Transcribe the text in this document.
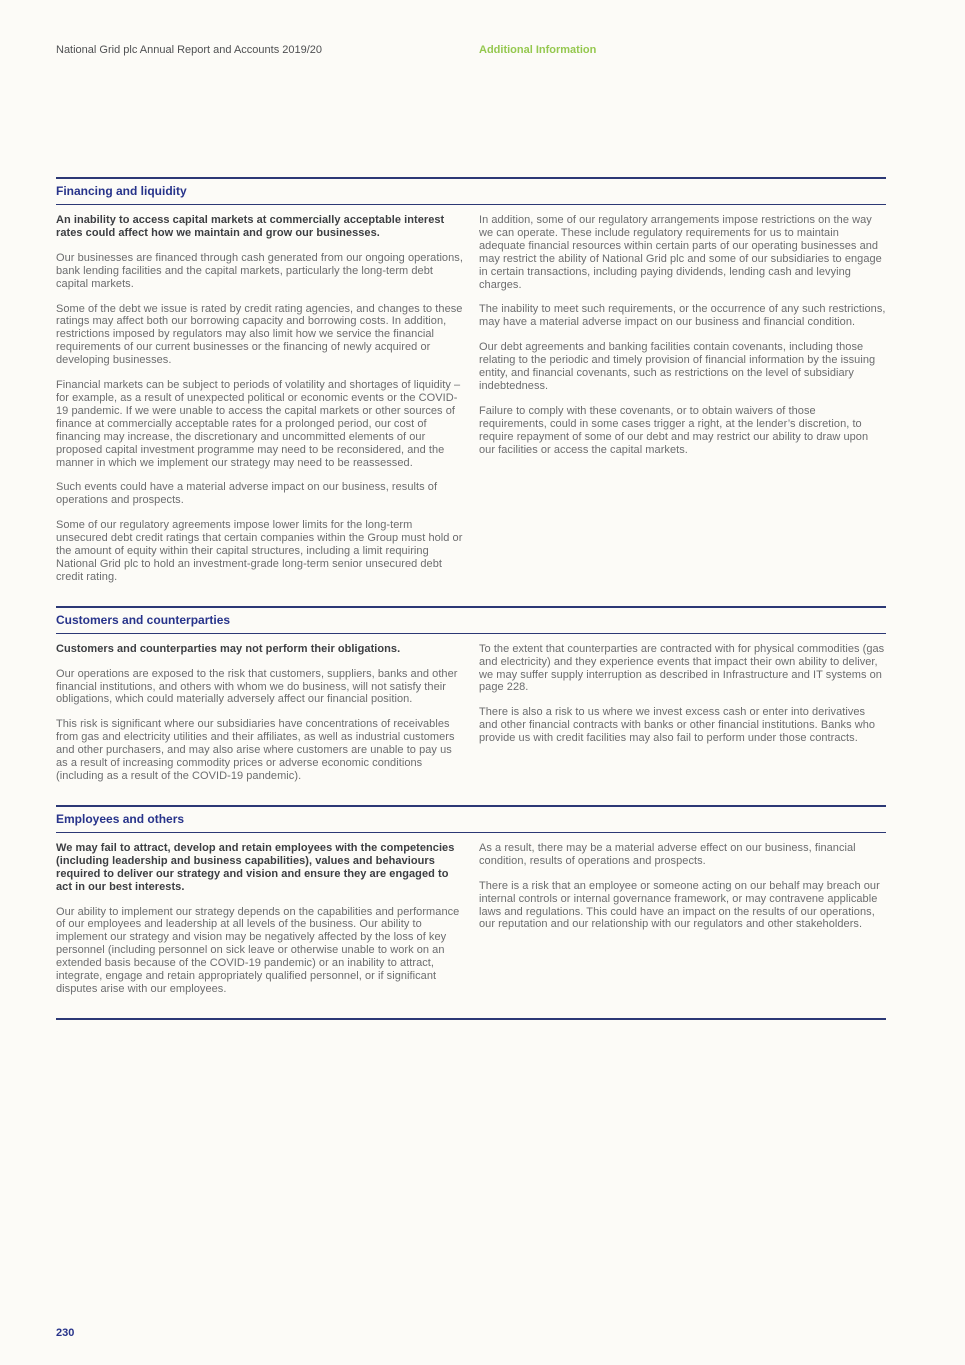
National Grid plc Annual Report and Accounts 2019/20	Additional Information
Financing and liquidity

An inability to access capital markets at commercially acceptable interest rates could affect how we maintain and grow our businesses.

Our businesses are financed through cash generated from our ongoing operations, bank lending facilities and the capital markets, particularly the long-term debt capital markets.

Some of the debt we issue is rated by credit rating agencies, and changes to these ratings may affect both our borrowing capacity and borrowing costs. In addition, restrictions imposed by regulators may also limit how we service the financial requirements of our current businesses or the financing of newly acquired or developing businesses.

Financial markets can be subject to periods of volatility and shortages of liquidity – for example, as a result of unexpected political or economic events or the COVID-19 pandemic. If we were unable to access the capital markets or other sources of finance at commercially acceptable rates for a prolonged period, our cost of financing may increase, the discretionary and uncommitted elements of our proposed capital investment programme may need to be reconsidered, and the manner in which we implement our strategy may need to be reassessed.

Such events could have a material adverse impact on our business, results of operations and prospects.

Some of our regulatory agreements impose lower limits for the long-term unsecured debt credit ratings that certain companies within the Group must hold or the amount of equity within their capital structures, including a limit requiring National Grid plc to hold an investment-grade long-term senior unsecured debt credit rating.

In addition, some of our regulatory arrangements impose restrictions on the way we can operate. These include regulatory requirements for us to maintain adequate financial resources within certain parts of our operating businesses and may restrict the ability of National Grid plc and some of our subsidiaries to engage in certain transactions, including paying dividends, lending cash and levying charges.

The inability to meet such requirements, or the occurrence of any such restrictions, may have a material adverse impact on our business and financial condition.

Our debt agreements and banking facilities contain covenants, including those relating to the periodic and timely provision of financial information by the issuing entity, and financial covenants, such as restrictions on the level of subsidiary indebtedness.

Failure to comply with these covenants, or to obtain waivers of those requirements, could in some cases trigger a right, at the lender’s discretion, to require repayment of some of our debt and may restrict our ability to draw upon our facilities or access the capital markets.

Customers and counterparties

Customers and counterparties may not perform their obligations.

Our operations are exposed to the risk that customers, suppliers, banks and other financial institutions, and others with whom we do business, will not satisfy their obligations, which could materially adversely affect our financial position.

This risk is significant where our subsidiaries have concentrations of receivables from gas and electricity utilities and their affiliates, as well as industrial customers and other purchasers, and may also arise where customers are unable to pay us as a result of increasing commodity prices or adverse economic conditions (including as a result of the COVID-19 pandemic).

To the extent that counterparties are contracted with for physical commodities (gas and electricity) and they experience events that impact their own ability to deliver, we may suffer supply interruption as described in Infrastructure and IT systems on page 228.

There is also a risk to us where we invest excess cash or enter into derivatives and other financial contracts with banks or other financial institutions. Banks who provide us with credit facilities may also fail to perform under those contracts.

Employees and others

We may fail to attract, develop and retain employees with the competencies (including leadership and business capabilities), values and behaviours required to deliver our strategy and vision and ensure they are engaged to act in our best interests.

Our ability to implement our strategy depends on the capabilities and performance of our employees and leadership at all levels of the business. Our ability to implement our strategy and vision may be negatively affected by the loss of key personnel (including personnel on sick leave or otherwise unable to work on an extended basis because of the COVID-19 pandemic) or an inability to attract, integrate, engage and retain appropriately qualified personnel, or if significant disputes arise with our employees.

As a result, there may be a material adverse effect on our business, financial condition, results of operations and prospects.

There is a risk that an employee or someone acting on our behalf may breach our internal controls or internal governance framework, or may contravene applicable laws and regulations. This could have an impact on the results of our operations, our reputation and our relationship with our regulators and other stakeholders.

230
